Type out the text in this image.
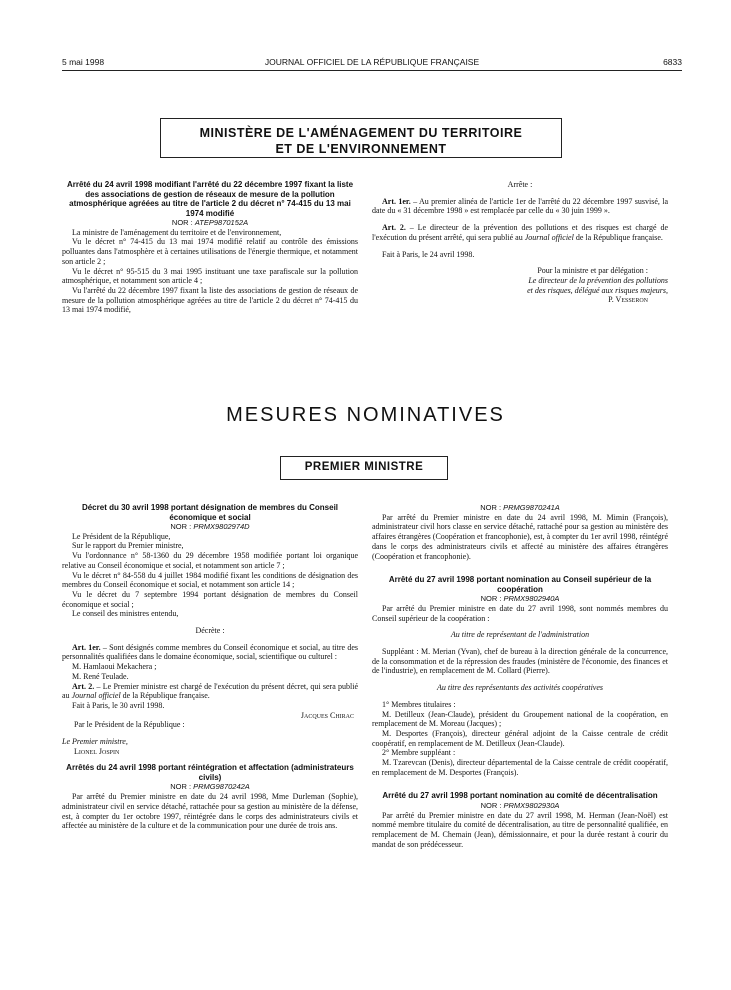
5 mai 1998	JOURNAL OFFICIEL DE LA RÉPUBLIQUE FRANÇAISE	6833
MINISTÈRE DE L'AMÉNAGEMENT DU TERRITOIRE
ET DE L'ENVIRONNEMENT

Arrêté du 24 avril 1998 modifiant l'arrêté du 22 décembre 1997 fixant la liste des associations de gestion de réseaux de mesure de la pollution atmosphérique agréées au titre de l'article 2 du décret n° 74-415 du 13 mai 1974 modifié

NOR : ATEP9870152A

La ministre de l'aménagement du territoire et de l'environnement,

Vu le décret n° 74-415 du 13 mai 1974 modifié relatif au contrôle des émissions polluantes dans l'atmosphère et à certaines utilisations de l'énergie thermique, et notamment son article 2 ;

Vu le décret n° 95-515 du 3 mai 1995 instituant une taxe parafiscale sur la pollution atmosphérique, et notamment son article 4 ;

Vu l'arrêté du 22 décembre 1997 fixant la liste des associations de gestion de réseaux de mesure de la pollution atmosphérique agréées au titre de l'article 2 du décret n° 74-415 du 13 mai 1974 modifié,

Arrête :

Art. 1er. – Au premier alinéa de l'article 1er de l'arrêté du 22 décembre 1997 susvisé, la date du « 31 décembre 1998 » est remplacée par celle du « 30 juin 1999 ».

Art. 2. – Le directeur de la prévention des pollutions et des risques est chargé de l'exécution du présent arrêté, qui sera publié au Journal officiel de la République française.

Fait à Paris, le 24 avril 1998.

Pour la ministre et par délégation :

Le directeur de la prévention des pollutions

et des risques, délégué aux risques majeurs,

P. Vesseron

MESURES NOMINATIVES
PREMIER MINISTRE

Décret du 30 avril 1998 portant désignation de membres du Conseil économique et social

NOR : PRMX9802974D

Le Président de la République,

Sur le rapport du Premier ministre,

Vu l'ordonnance n° 58-1360 du 29 décembre 1958 modifiée portant loi organique relative au Conseil économique et social, et notamment son article 7 ;

Vu le décret n° 84-558 du 4 juillet 1984 modifié fixant les conditions de désignation des membres du Conseil économique et social, et notamment son article 14 ;

Vu le décret du 7 septembre 1994 portant désignation de membres du Conseil économique et social ;

Le conseil des ministres entendu,

Décrète :

Art. 1er. – Sont désignés comme membres du Conseil économique et social, au titre des personnalités qualifiées dans le domaine économique, social, scientifique ou culturel :

M. Hamlaoui Mekachera ;

M. René Teulade.

Art. 2. – Le Premier ministre est chargé de l'exécution du présent décret, qui sera publié au Journal officiel de la République française.

Fait à Paris, le 30 avril 1998.

Jacques Chirac

Par le Président de la République :

Le Premier ministre,

Lionel Jospin

Arrêtés du 24 avril 1998 portant réintégration et affectation (administrateurs civils)

NOR : PRMG9870242A

Par arrêté du Premier ministre en date du 24 avril 1998, Mme Durleman (Sophie), administrateur civil en service détaché, rattachée pour sa gestion au ministère de la défense, est, à compter du 1er octobre 1997, réintégrée dans le corps des administrateurs civils et affectée au ministère de la culture et de la communication pour une durée de trois ans.

NOR : PRMG9870241A

Par arrêté du Premier ministre en date du 24 avril 1998, M. Mimin (François), administrateur civil hors classe en service détaché, rattaché pour sa gestion au ministère des affaires étrangères (Coopération et francophonie), est, à compter du 1er avril 1998, réintégré dans le corps des administrateurs civils et affecté au ministère des affaires étrangères (Coopération et francophonie).

Arrêté du 27 avril 1998 portant nomination au Conseil supérieur de la coopération

NOR : PRMX9802940A

Par arrêté du Premier ministre en date du 27 avril 1998, sont nommés membres du Conseil supérieur de la coopération :

Au titre de représentant de l'administration

Suppléant : M. Merian (Yvan), chef de bureau à la direction générale de la concurrence, de la consommation et de la répression des fraudes (ministère de l'économie, des finances et de l'industrie), en remplacement de M. Collard (Pierre).

Au titre des représentants des activités coopératives

1° Membres titulaires :

M. Detilleux (Jean-Claude), président du Groupement national de la coopération, en remplacement de M. Moreau (Jacques) ;

M. Desportes (François), directeur général adjoint de la Caisse centrale de crédit coopératif, en remplacement de M. Detilleux (Jean-Claude).

2° Membre suppléant :

M. Tzarevcan (Denis), directeur départemental de la Caisse centrale de crédit coopératif, en remplacement de M. Desportes (François).

Arrêté du 27 avril 1998 portant nomination au comité de décentralisation

NOR : PRMX9802930A

Par arrêté du Premier ministre en date du 27 avril 1998, M. Herman (Jean-Noël) est nommé membre titulaire du comité de décentralisation, au titre de personnalité qualifiée, en remplacement de M. Chemain (Jean), démissionnaire, et pour la durée restant à courir du mandat de son prédécesseur.
